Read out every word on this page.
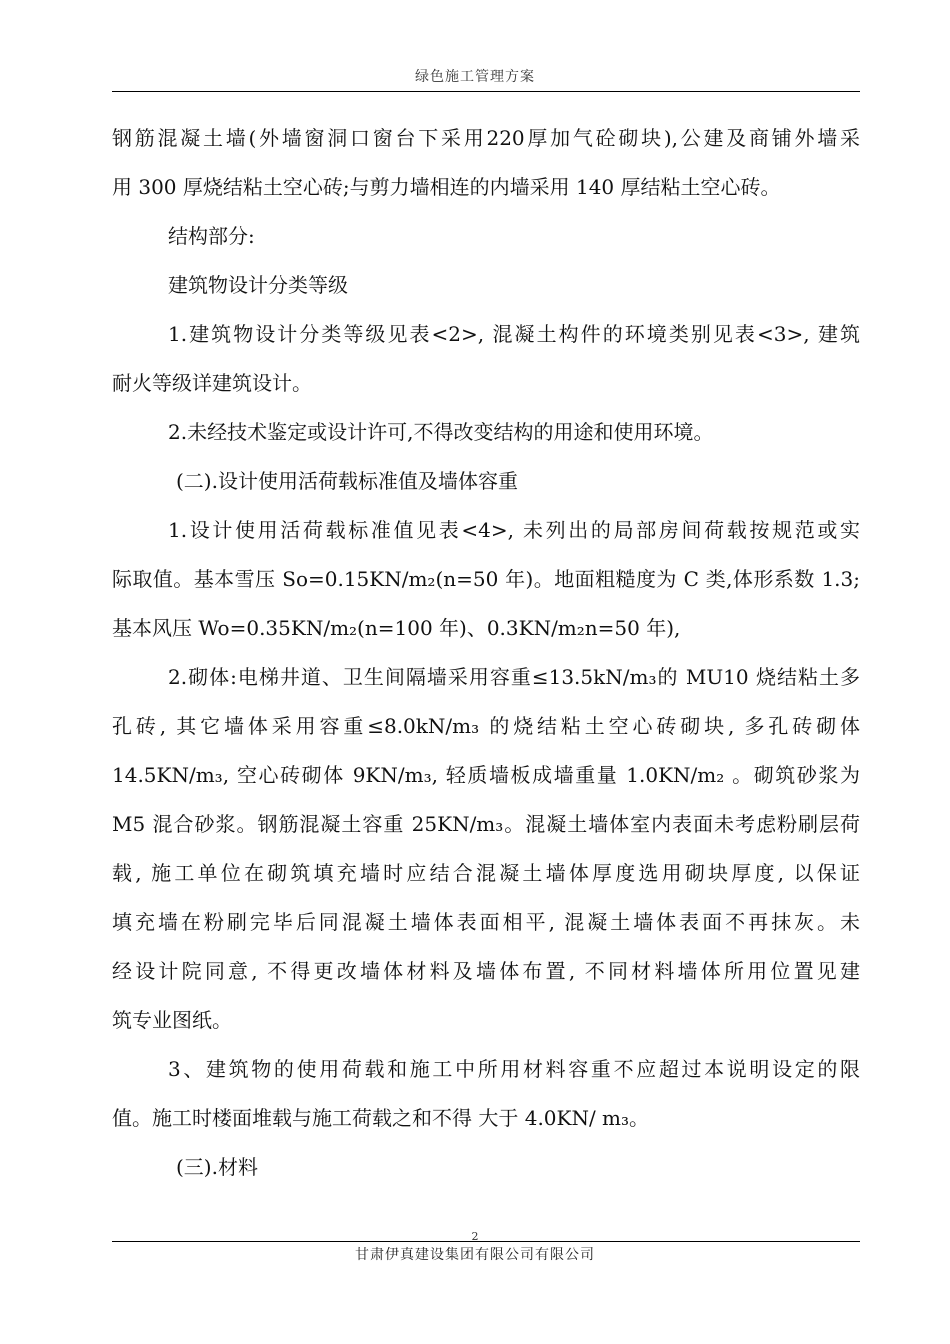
绿色施工管理方案
钢筋混凝土墙(外墙窗洞口窗台下采用220厚加气砼砌块),公建及商铺外墙采
用 300 厚烧结粘土空心砖;与剪力墙相连的内墙采用 140 厚结粘土空心砖。
结构部分:
建筑物设计分类等级
1.建筑物设计分类等级见表<2>, 混凝土构件的环境类别见表<3>, 建筑
耐火等级详建筑设计。
2.未经技术鉴定或设计许可,不得改变结构的用途和使用环境。
(二).设计使用活荷载标准值及墙体容重
1.设计使用活荷载标准值见表<4>, 未列出的局部房间荷载按规范或实
际取值。基本雪压 So=0.15KN/m₂(n=50 年)。地面粗糙度为 C 类,体形系数 1.3;
基本风压 Wo=0.35KN/m₂(n=100 年)、0.3KN/m₂n=50 年),
2.砌体:电梯井道、卫生间隔墙采用容重≤13.5kN/m₃的 MU10 烧结粘土多
孔砖, 其它墙体采用容重≤8.0kN/m₃ 的烧结粘土空心砖砌块, 多孔砖砌体
14.5KN/m₃, 空心砖砌体 9KN/m₃, 轻质墙板成墙重量 1.0KN/m₂ 。砌筑砂浆为
M5 混合砂浆。钢筋混凝土容重 25KN/m₃。混凝土墙体室内表面未考虑粉刷层荷
载, 施工单位在砌筑填充墙时应结合混凝土墙体厚度选用砌块厚度, 以保证
填充墙在粉刷完毕后同混凝土墙体表面相平, 混凝土墙体表面不再抹灰。未
经设计院同意, 不得更改墙体材料及墙体布置, 不同材料墙体所用位置见建
筑专业图纸。
3、建筑物的使用荷载和施工中所用材料容重不应超过本说明设定的限
值。施工时楼面堆载与施工荷载之和不得 大于 4.0KN/ m₃。
(三).材料
2
甘肃伊真建设集团有限公司有限公司
